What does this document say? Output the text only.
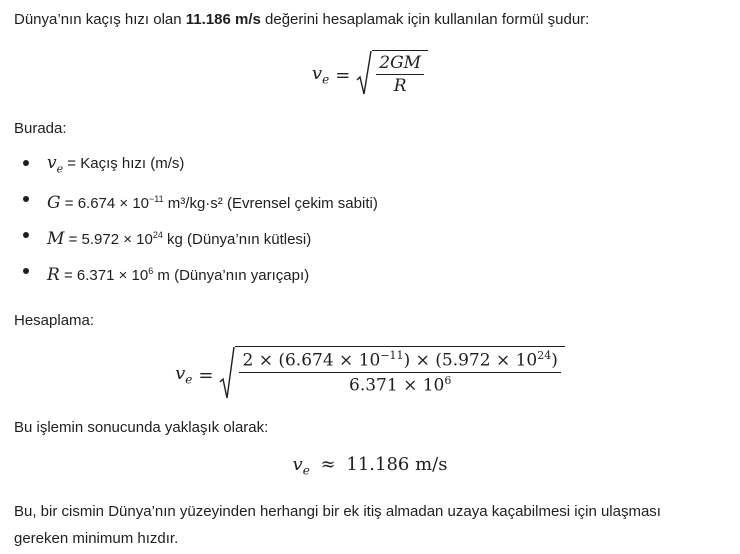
Dünya’nın kaçış hızı olan 11.186 m/s değerini hesaplamak için kullanılan formül şudur:

$v_e = \frac{2GM}{R}$

Burada:

$v_e$ = Kaçış hızı (m/s)
$G = 6.674 \times 10^{-11}$ m³/kg·s² (Evrensel çekim sabiti)
$M = 5.972 \times 10^{24}$ kg (Dünya’nın kütlesi)
$R = 6.371 \times 10^6$ m (Dünya’nın yarıçapı)

Hesaplama:

$v_e = \frac{2 \times (6.674 \times 10^{-11}) \times (5.972 \times 10^{24})}{6.371 \times 10^6}$

Bu işlemin sonucunda yaklaşık olarak:

$v_e \approx 11.186$ m/s

Bu, bir cismin Dünya’nın yüzeyinden herhangi bir ek itiş almadan uzaya kaçabilmesi için ulaşması
gereken minimum hızdır.
